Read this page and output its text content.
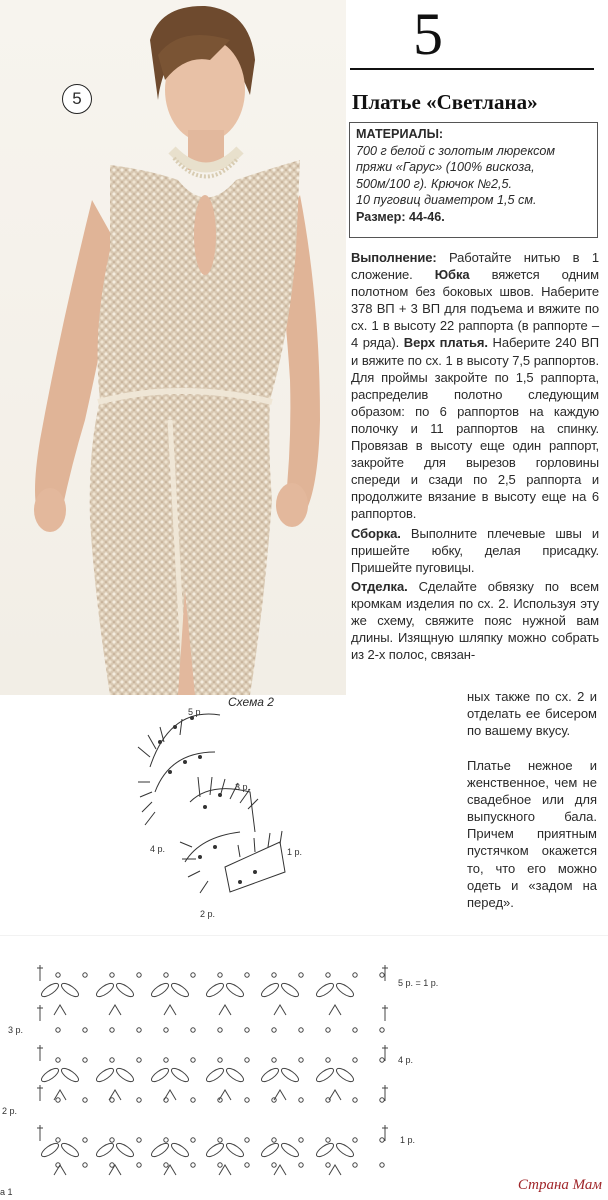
5
5
Платье «Светлана»
МАТЕРИАЛЫ:
700 г белой с золотым люрексом
пряжи «Гарус» (100% вискоза,
500м/100 г). Крючок №2,5.
10 пуговиц диаметром 1,5 см.
Размер: 44-46.

Выполнение: Работайте нитью в 1 сложение. Юбка вяжется одним полотном без боковых швов. Наберите 378 ВП + 3 ВП для подъема и вяжите по сх. 1 в высоту 22 раппорта (в раппорте – 4 ряда). Верх платья. Наберите 240 ВП и вяжите по сх. 1 в высоту 7,5 раппортов. Для проймы закройте по 1,5 раппорта, распределив полотно следующим образом: по 6 раппортов на каждую полочку и 11 раппортов на спинку. Провязав в высоту еще один раппорт, закройте для вырезов горловины спереди и сзади по 2,5 раппорта и продолжите вязание в высоту еще на 6 раппортов.

Сборка. Выполните плечевые швы и пришейте юбку, делая присадку. Пришейте пуговицы.

Отделка. Сделайте обвязку по всем кромкам изделия по сх. 2. Используя эту же схему, свяжите пояс нужной вам длины. Изящную шляпку можно собрать из 2-х полос, связан-

ных также по сх. 2 и отделать ее бисером по вашему вкусу.
Платье нежное и женственное, чем не свадебное или для выпускного бала. Причем приятным пустячком окажется то, что его можно одеть и «задом на перед».
Схема 2
5 р.
3 р.
4 р.	1 р.
2 р.
5 р. = 1 р.
4 р.
1 р.
3 р.
2 р.
а 1	Страна Мам
